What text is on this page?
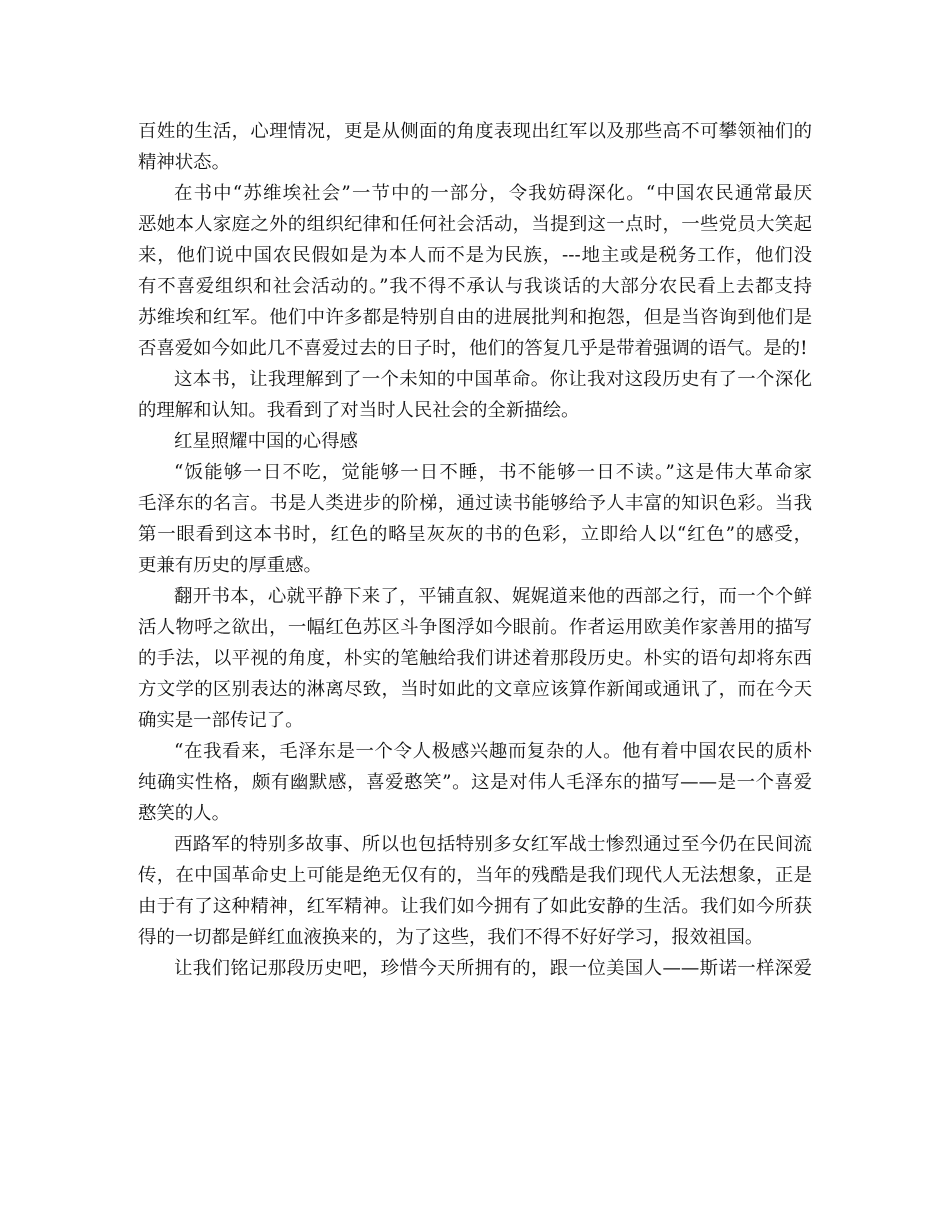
百姓的生活，心理情况，更是从侧面的角度表现出红军以及那些高不可攀领袖们的
精神状态。
在书中“苏维埃社会”一节中的一部分，令我妨碍深化。“中国农民通常最厌
恶她本人家庭之外的组织纪律和任何社会活动，当提到这一点时，一些党员大笑起
来，他们说中国农民假如是为本人而不是为民族，---地主或是税务工作，他们没
有不喜爱组织和社会活动的。”我不得不承认与我谈话的大部分农民看上去都支持
苏维埃和红军。他们中许多都是特别自由的进展批判和抱怨，但是当咨询到他们是
否喜爱如今如此几不喜爱过去的日子时，他们的答复几乎是带着强调的语气。是的!
这本书，让我理解到了一个未知的中国革命。你让我对这段历史有了一个深化
的理解和认知。我看到了对当时人民社会的全新描绘。
红星照耀中国的心得感
“饭能够一日不吃，觉能够一日不睡，书不能够一日不读。”这是伟大革命家
毛泽东的名言。书是人类进步的阶梯，通过读书能够给予人丰富的知识色彩。当我
第一眼看到这本书时，红色的略呈灰灰的书的色彩，立即给人以“红色”的感受，
更兼有历史的厚重感。
翻开书本，心就平静下来了，平铺直叙、娓娓道来他的西部之行，而一个个鲜
活人物呼之欲出，一幅红色苏区斗争图浮如今眼前。作者运用欧美作家善用的描写
的手法，以平视的角度，朴实的笔触给我们讲述着那段历史。朴实的语句却将东西
方文学的区别表达的淋离尽致，当时如此的文章应该算作新闻或通讯了，而在今天
确实是一部传记了。
“在我看来，毛泽东是一个令人极感兴趣而复杂的人。他有着中国农民的质朴
纯确实性格，颇有幽默感，喜爱憨笑”。这是对伟人毛泽东的描写——是一个喜爱
憨笑的人。
西路军的特别多故事、所以也包括特别多女红军战士惨烈通过至今仍在民间流
传，在中国革命史上可能是绝无仅有的，当年的残酷是我们现代人无法想象，正是
由于有了这种精神，红军精神。让我们如今拥有了如此安静的生活。我们如今所获
得的一切都是鲜红血液换来的，为了这些，我们不得不好好学习，报效祖国。
让我们铭记那段历史吧，珍惜今天所拥有的，跟一位美国人——斯诺一样深爱
